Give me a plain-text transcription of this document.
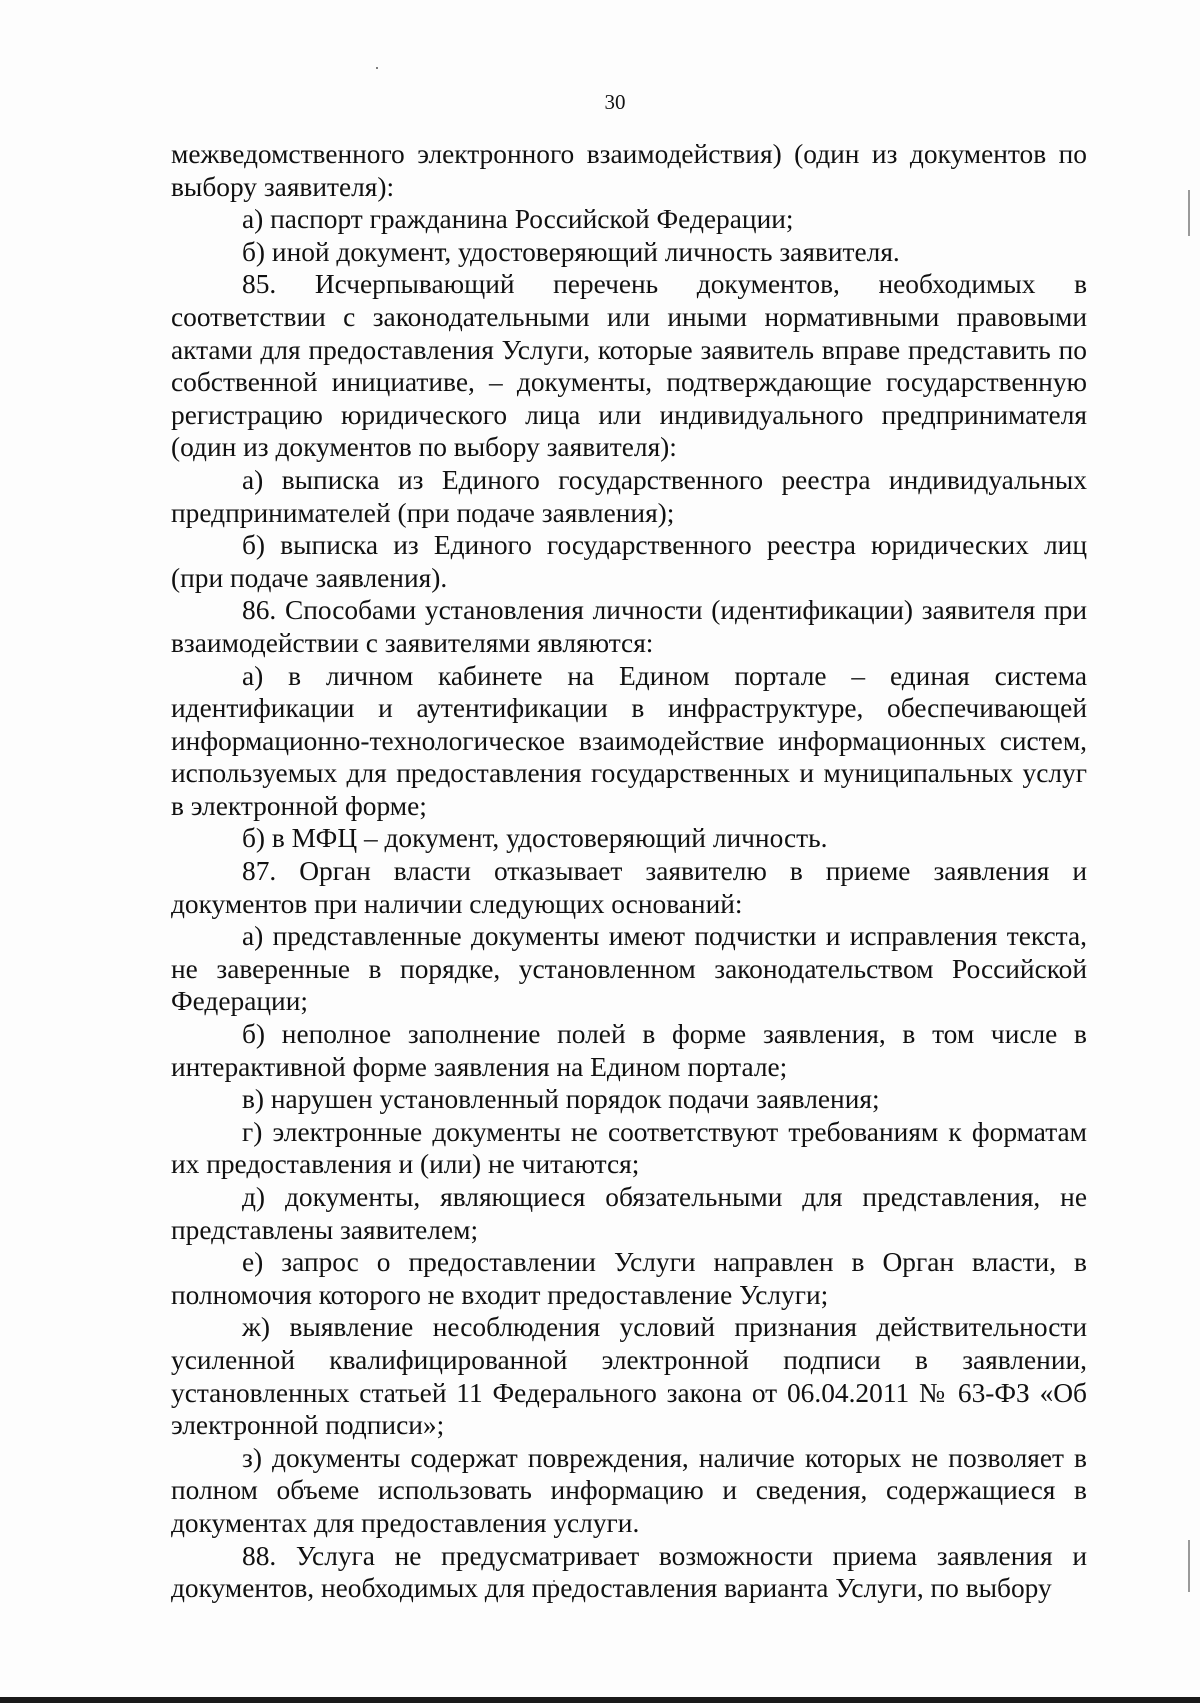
30

межведомственного электронного взаимодействия) (один из документов по выбору заявителя):

а) паспорт гражданина Российской Федерации;

б) иной документ, удостоверяющий личность заявителя.

85. Исчерпывающий перечень документов, необходимых в соответствии с законодательными или иными нормативными правовыми актами для предоставления Услуги, которые заявитель вправе представить по собственной инициативе, – документы, подтверждающие государственную регистрацию юридического лица или индивидуального предпринимателя (один из документов по выбору заявителя):

а) выписка из Единого государственного реестра индивидуальных предпринимателей (при подаче заявления);

б) выписка из Единого государственного реестра юридических лиц (при подаче заявления).

86. Способами установления личности (идентификации) заявителя при взаимодействии с заявителями являются:

а) в личном кабинете на Едином портале – единая система идентификации и аутентификации в инфраструктуре, обеспечивающей информационно-технологическое взаимодействие информационных систем, используемых для предоставления государственных и муниципальных услуг в электронной форме;

б) в МФЦ – документ, удостоверяющий личность.

87. Орган власти отказывает заявителю в приеме заявления и документов при наличии следующих оснований:

а) представленные документы имеют подчистки и исправления текста, не заверенные в порядке, установленном законодательством Российской Федерации;

б) неполное заполнение полей в форме заявления, в том числе в интерактивной форме заявления на Едином портале;

в) нарушен установленный порядок подачи заявления;

г) электронные документы не соответствуют требованиям к форматам их предоставления и (или) не читаются;

д) документы, являющиеся обязательными для представления, не представлены заявителем;

е) запрос о предоставлении Услуги направлен в Орган власти, в полномочия которого не входит предоставление Услуги;

ж) выявление несоблюдения условий признания действительности усиленной квалифицированной электронной подписи в заявлении, установленных статьей 11 Федерального закона от 06.04.2011 № 63-ФЗ «Об электронной подписи»;

з) документы содержат повреждения, наличие которых не позволяет в полном объеме использовать информацию и сведения, содержащиеся в документах для предоставления услуги.

88. Услуга не предусматривает возможности приема заявления и документов, необходимых для предоставления варианта Услуги, по выбору
